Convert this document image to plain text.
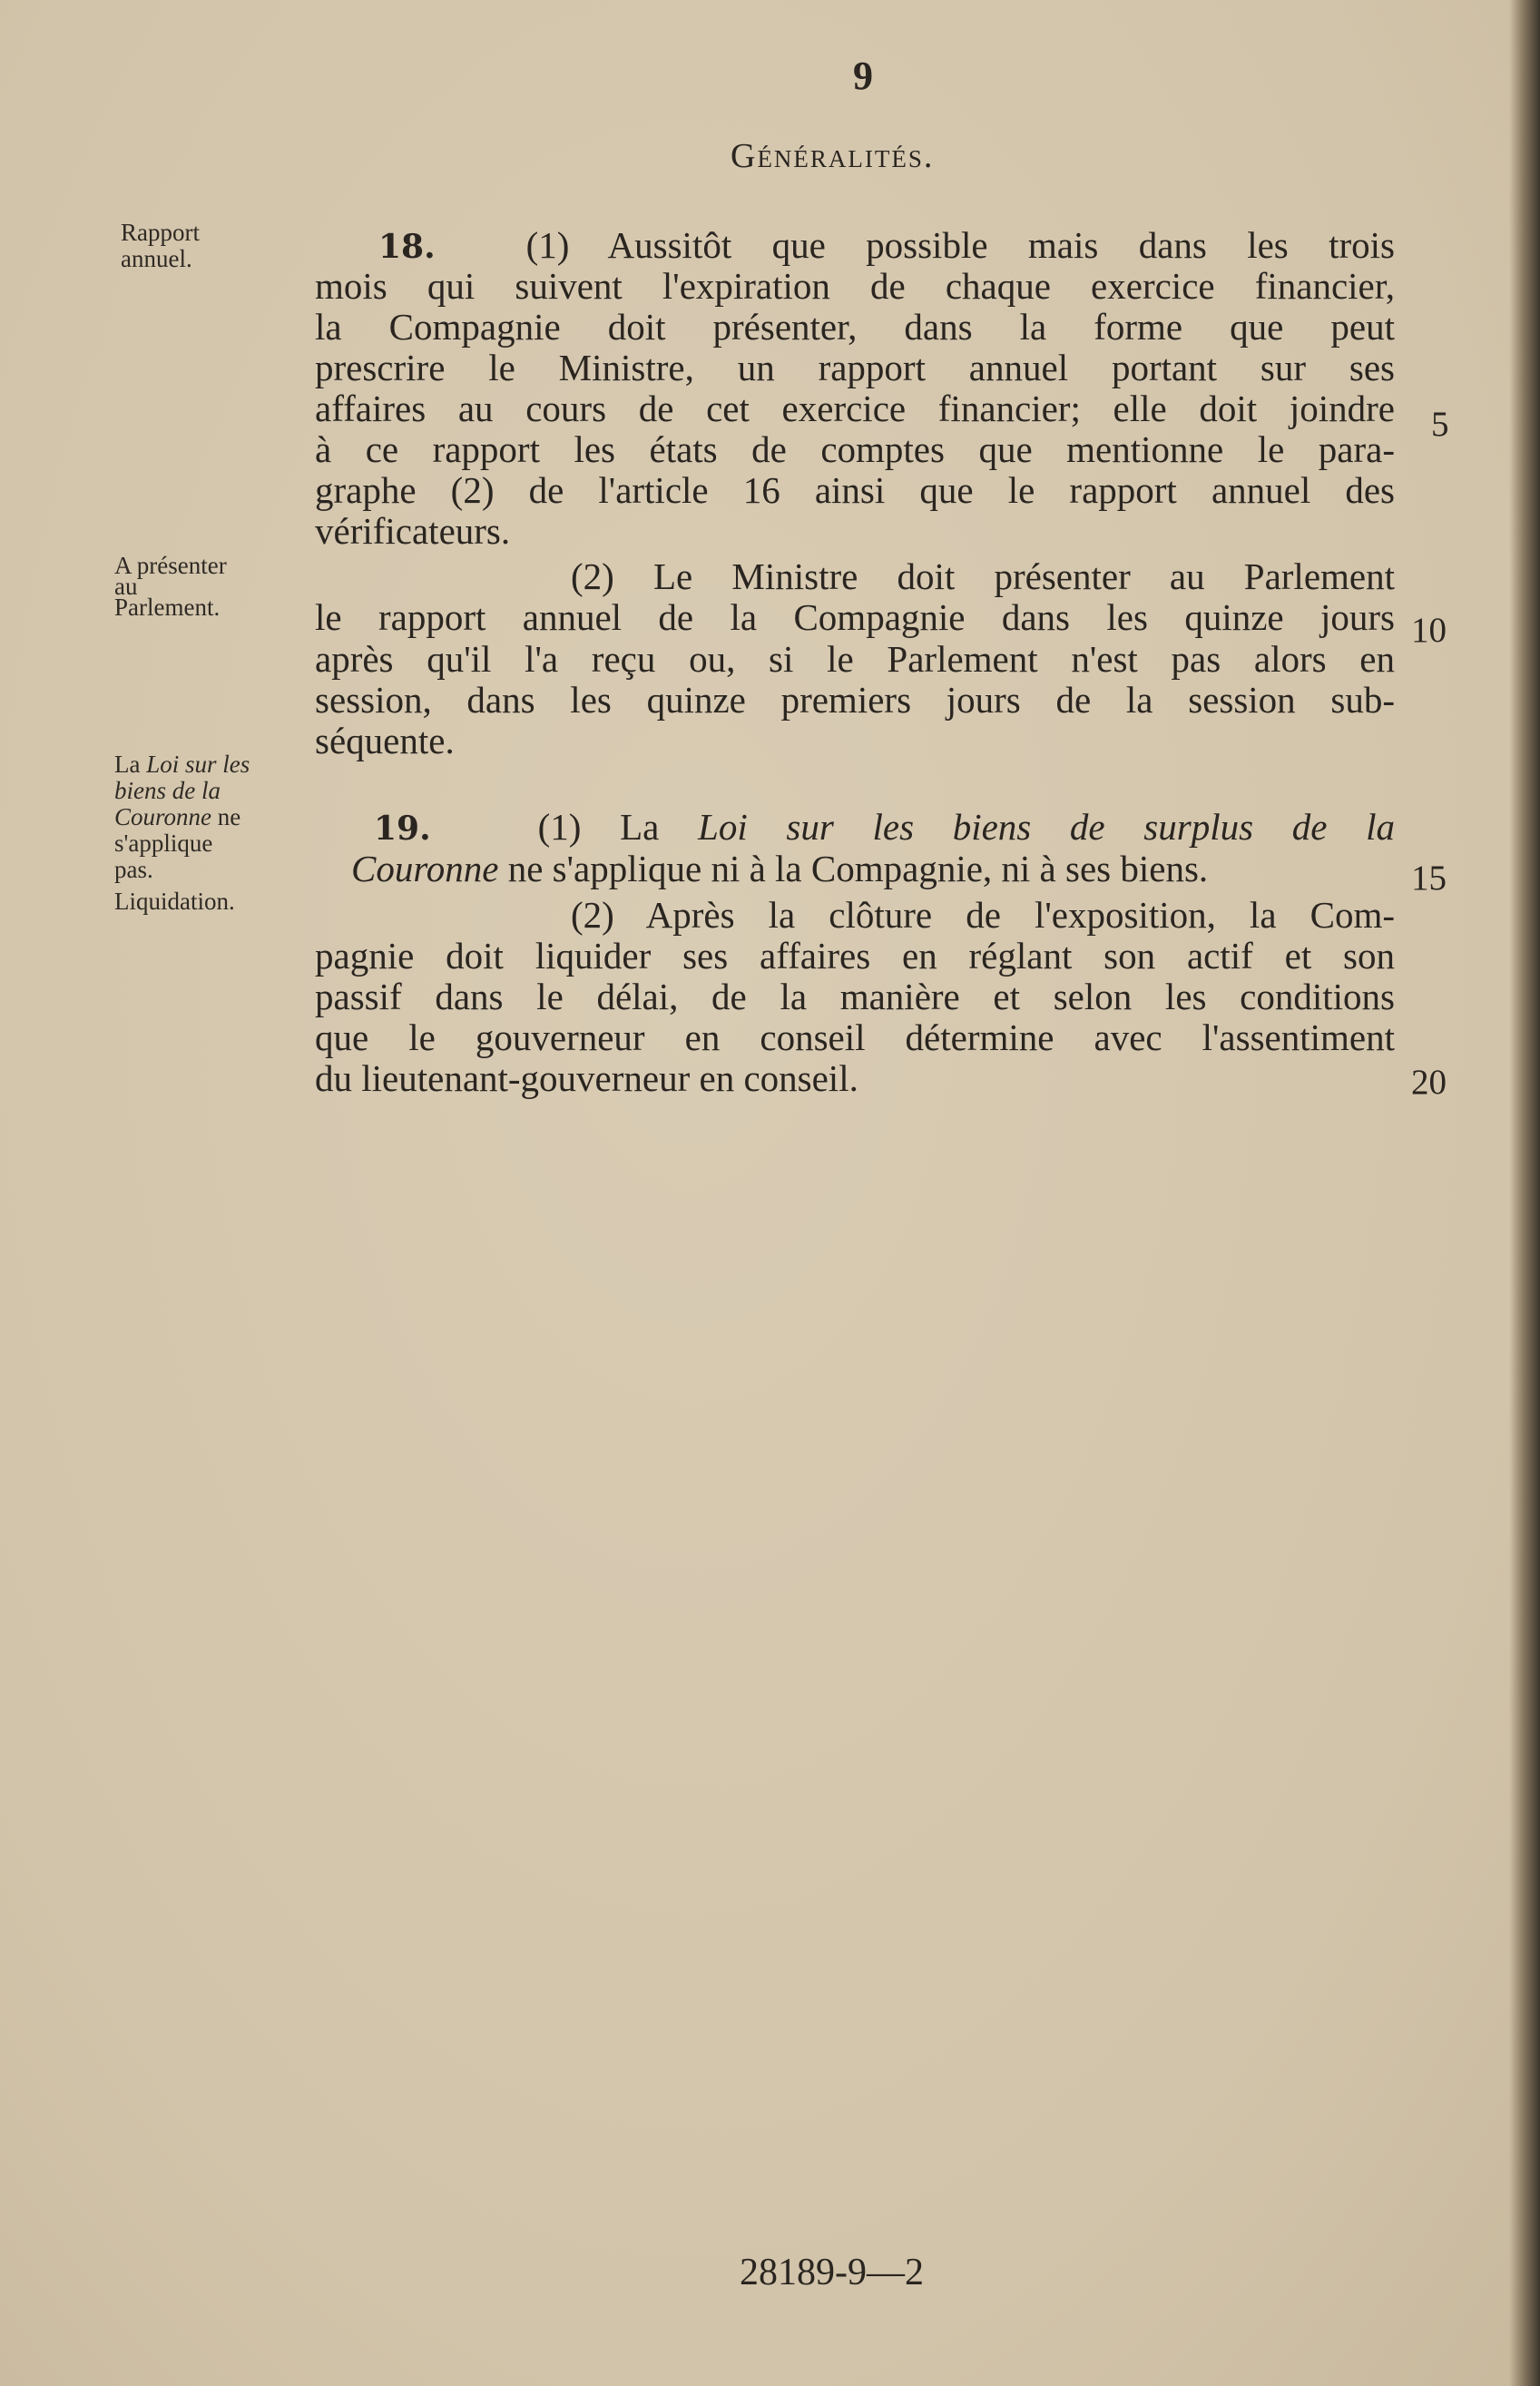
9
Généralités.
Rapport
annuel.
A présenter
au
Parlement.
La Loi sur les
biens de la
Couronne ne
s'applique
pas.
Liquidation.
18. (1) Aussitôt que possible mais dans les trois
mois qui suivent l'expiration de chaque exercice financier,
la Compagnie doit présenter, dans la forme que peut
prescrire le Ministre, un rapport annuel portant sur ses
affaires au cours de cet exercice financier; elle doit joindre
à ce rapport les états de comptes que mentionne le para-
graphe (2) de l'article 16 ainsi que le rapport annuel des
vérificateurs.
(2) Le Ministre doit présenter au Parlement
le rapport annuel de la Compagnie dans les quinze jours
après qu'il l'a reçu ou, si le Parlement n'est pas alors en
session, dans les quinze premiers jours de la session sub-
séquente.
19.	(1) La Loi sur les biens de surplus de la
Couronne ne s'applique ni à la Compagnie, ni à ses biens.
(2) Après la clôture de l'exposition, la Com-
pagnie doit liquider ses affaires en réglant son actif et son
passif dans le délai, de la manière et selon les conditions
que le gouverneur en conseil détermine avec l'assentiment
du lieutenant-gouverneur en conseil.
5
10
15
20
28189-9—2
